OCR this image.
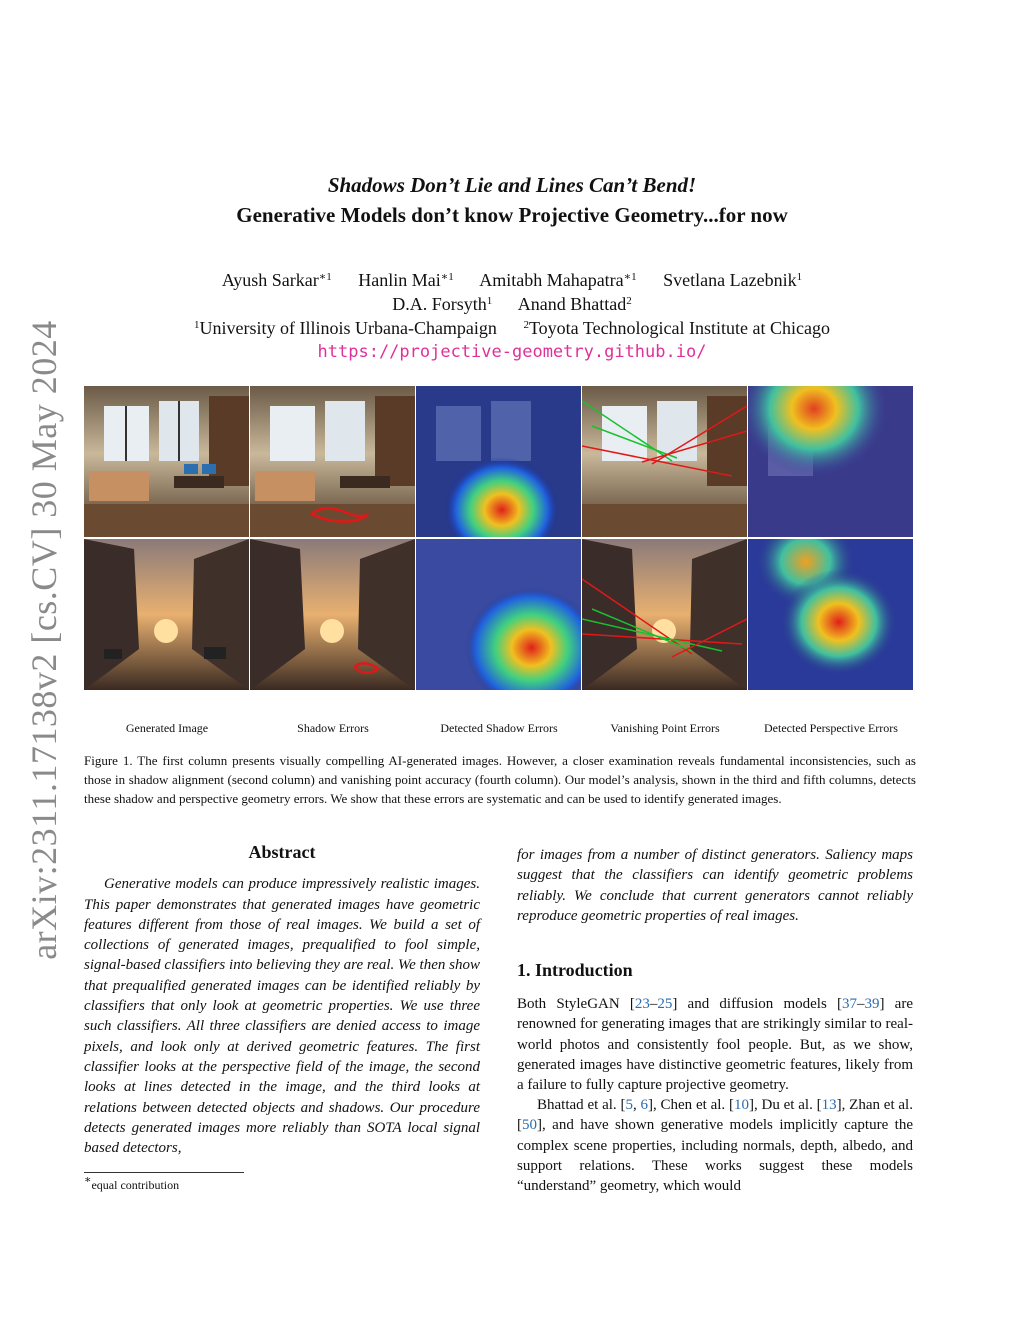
arXiv:2311.17138v2 [cs.CV] 30 May 2024
Shadows Don’t Lie and Lines Can’t Bend!
Generative Models don’t know Projective Geometry...for now
Ayush Sarkar$^{∗1}$ Hanlin Mai$^{∗1}$ Amitabh Mahapatra$^{∗1}$ Svetlana Lazebnik$^1$
D.A. Forsyth$^1$ Anand Bhattad$^2$
$^1$University of Illinois Urbana-Champaign $^2$Toyota Technological Institute at Chicago
https://projective-geometry.github.io/
Generated Image	Shadow Errors	Detected Shadow Errors	Vanishing Point Errors	Detected Perspective Errors
Figure 1. The first column presents visually compelling AI-generated images. However, a closer examination reveals fundamental inconsistencies, such as those in shadow alignment (second column) and vanishing point accuracy (fourth column). Our model’s analysis, shown in the third and fifth columns, detects these shadow and perspective geometry errors. We show that these errors are systematic and can be used to identify generated images.
Abstract
Generative models can produce impressively realistic images. This paper demonstrates that generated images have geometric features different from those of real images. We build a set of collections of generated images, prequalified to fool simple, signal-based classifiers into believing they are real. We then show that prequalified generated images can be identified reliably by classifiers that only look at geometric properties. We use three such classifiers. All three classifiers are denied access to image pixels, and look only at derived geometric features. The first classifier looks at the perspective field of the image, the second looks at lines detected in the image, and the third looks at relations between detected objects and shadows. Our procedure detects generated images more reliably than SOTA local signal based detectors,
∗equal contribution
for images from a number of distinct generators. Saliency maps suggest that the classifiers can identify geometric problems reliably. We conclude that current generators cannot reliably reproduce geometric properties of real images.
1. Introduction
Both StyleGAN [23–25] and diffusion models [37–39] are renowned for generating images that are strikingly similar to real-world photos and consistently fool people. But, as we show, generated images have distinctive geometric features, likely from a failure to fully capture projective geometry.
Bhattad et al. [5, 6], Chen et al. [10], Du et al. [13], Zhan et al. [50], and have shown generative models implicitly capture the complex scene properties, including normals, depth, albedo, and support relations. These works suggest these models “understand” geometry, which would
